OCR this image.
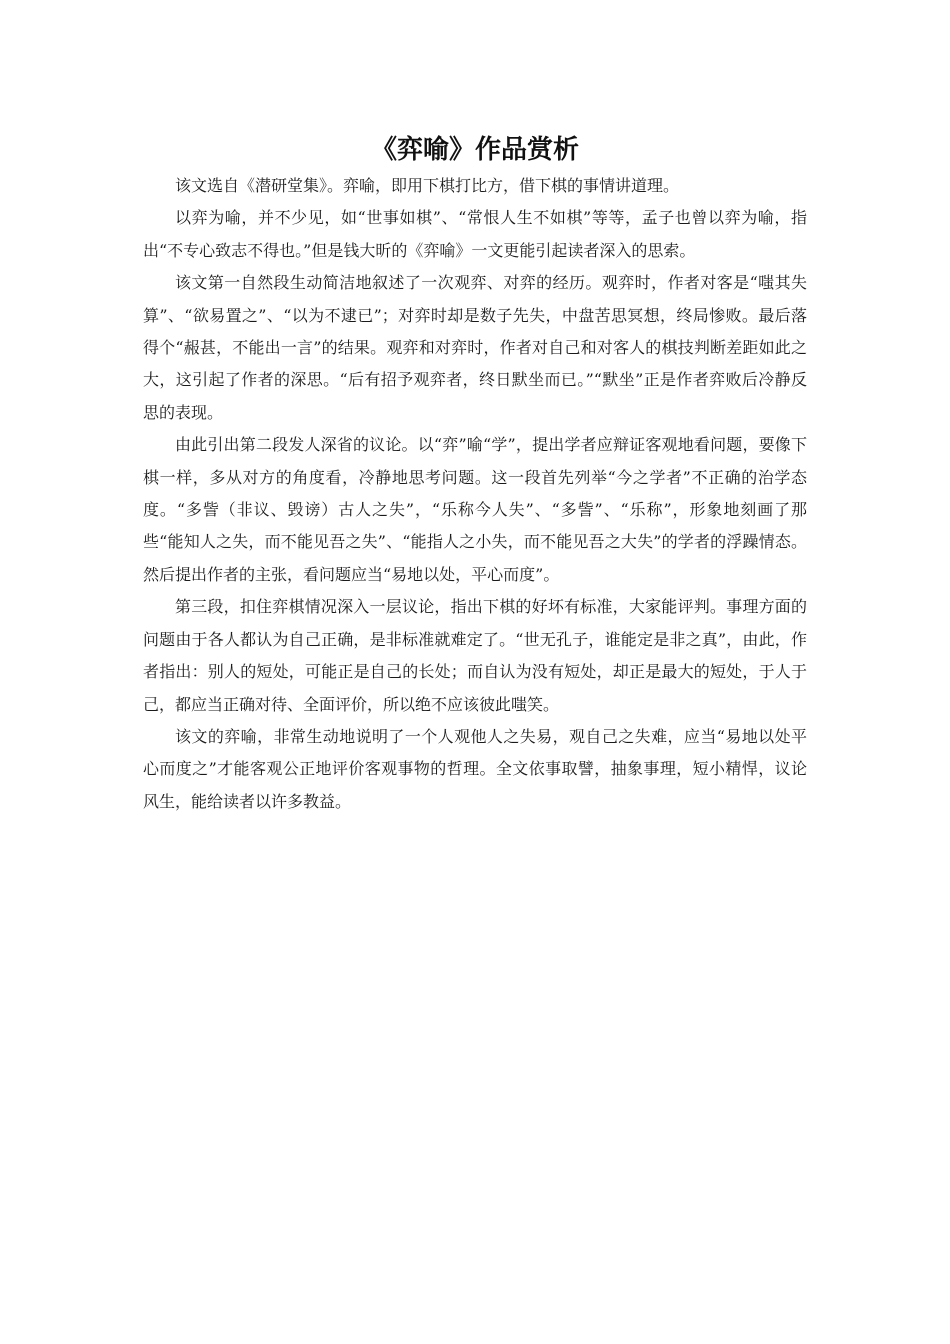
《弈喻》作品赏析

该文选自《潜研堂集》。弈喻，即用下棋打比方，借下棋的事情讲道理。

以弈为喻，并不少见，如“世事如棋”、“常恨人生不如棋”等等，孟子也曾以弈为喻，指出“不专心致志不得也。”但是钱大昕的《弈喻》一文更能引起读者深入的思索。

该文第一自然段生动简洁地叙述了一次观弈、对弈的经历。观弈时，作者对客是“嗤其失算”、“欲易置之”、“以为不逮已”；对弈时却是数子先失，中盘苦思冥想，终局惨败。最后落得个“赧甚，不能出一言”的结果。观弈和对弈时，作者对自己和对客人的棋技判断差距如此之大，这引起了作者的深思。“后有招予观弈者，终日默坐而已。”“默坐”正是作者弈败后冷静反思的表现。

由此引出第二段发人深省的议论。以“弈”喻“学”，提出学者应辩证客观地看问题，要像下棋一样，多从对方的角度看，冷静地思考问题。这一段首先列举“今之学者”不正确的治学态度。“多訾（非议、毁谤）古人之失”，“乐称今人失”、“多訾”、“乐称”，形象地刻画了那些“能知人之失，而不能见吾之失”、“能指人之小失，而不能见吾之大失”的学者的浮躁情态。然后提出作者的主张，看问题应当“易地以处，平心而度”。

第三段，扣住弈棋情况深入一层议论，指出下棋的好坏有标准，大家能评判。事理方面的问题由于各人都认为自己正确，是非标准就难定了。“世无孔子，谁能定是非之真”，由此，作者指出：别人的短处，可能正是自己的长处；而自认为没有短处，却正是最大的短处，于人于己，都应当正确对待、全面评价，所以绝不应该彼此嗤笑。

该文的弈喻，非常生动地说明了一个人观他人之失易，观自己之失难，应当“易地以处平心而度之”才能客观公正地评价客观事物的哲理。全文依事取譬，抽象事理，短小精悍，议论风生，能给读者以许多教益。
